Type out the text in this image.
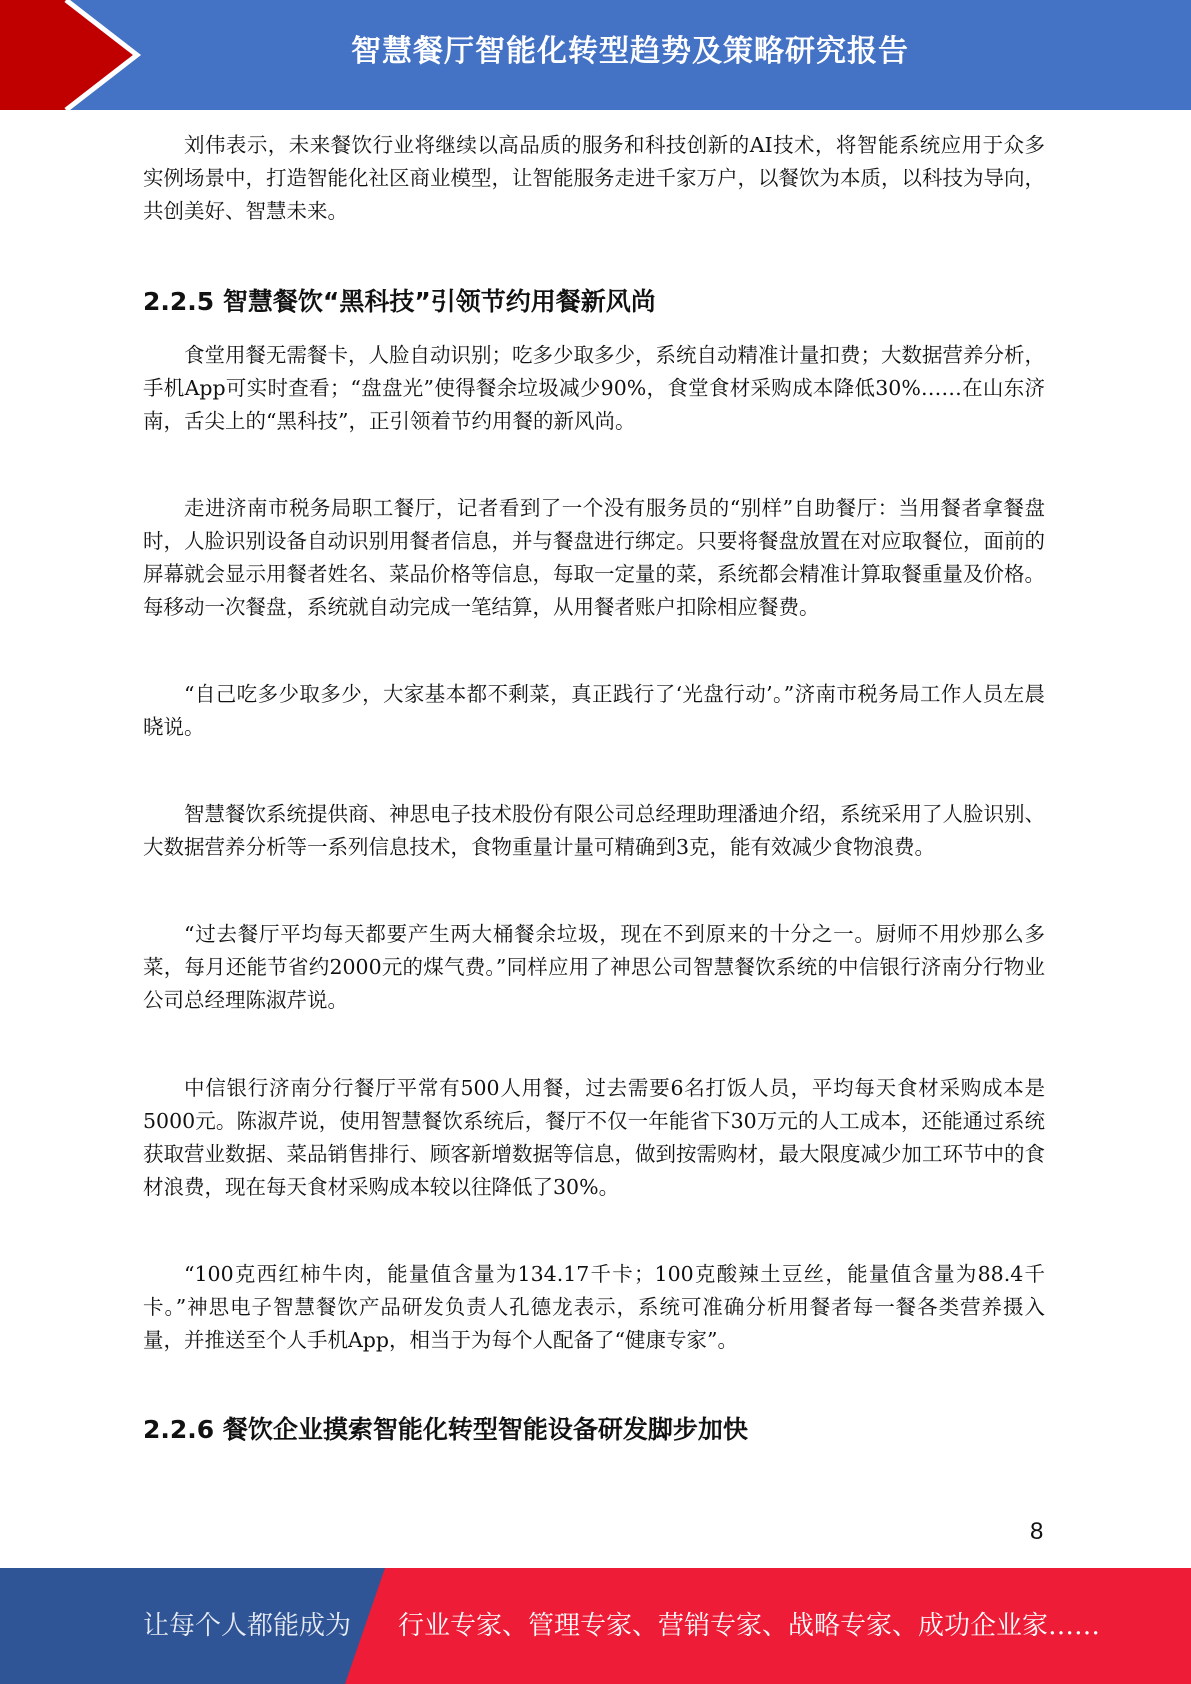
智慧餐厅智能化转型趋势及策略研究报告

刘伟表示，未来餐饮行业将继续以高品质的服务和科技创新的AI技术，将智能系统应用于众多实例场景中，打造智能化社区商业模型，让智能服务走进千家万户，以餐饮为本质，以科技为导向，共创美好、智慧未来。

2.2.5 智慧餐饮“黑科技”引领节约用餐新风尚

食堂用餐无需餐卡，人脸自动识别；吃多少取多少，系统自动精准计量扣费；大数据营养分析，手机App可实时查看；“盘盘光”使得餐余垃圾减少90%，食堂食材采购成本降低30%……在山东济南，舌尖上的“黑科技”，正引领着节约用餐的新风尚。

走进济南市税务局职工餐厅，记者看到了一个没有服务员的“别样”自助餐厅：当用餐者拿餐盘时，人脸识别设备自动识别用餐者信息，并与餐盘进行绑定。只要将餐盘放置在对应取餐位，面前的屏幕就会显示用餐者姓名、菜品价格等信息，每取一定量的菜，系统都会精准计算取餐重量及价格。每移动一次餐盘，系统就自动完成一笔结算，从用餐者账户扣除相应餐费。

“自己吃多少取多少，大家基本都不剩菜，真正践行了‘光盘行动’。”济南市税务局工作人员左晨晓说。

智慧餐饮系统提供商、神思电子技术股份有限公司总经理助理潘迪介绍，系统采用了人脸识别、大数据营养分析等一系列信息技术，食物重量计量可精确到3克，能有效减少食物浪费。

“过去餐厅平均每天都要产生两大桶餐余垃圾，现在不到原来的十分之一。厨师不用炒那么多菜，每月还能节省约2000元的煤气费。”同样应用了神思公司智慧餐饮系统的中信银行济南分行物业公司总经理陈淑芹说。

中信银行济南分行餐厅平常有500人用餐，过去需要6名打饭人员，平均每天食材采购成本是5000元。陈淑芹说，使用智慧餐饮系统后，餐厅不仅一年能省下30万元的人工成本，还能通过系统获取营业数据、菜品销售排行、顾客新增数据等信息，做到按需购材，最大限度减少加工环节中的食材浪费，现在每天食材采购成本较以往降低了30%。

“100克西红柿牛肉，能量值含量为134.17千卡；100克酸辣土豆丝，能量值含量为88.4千卡。”神思电子智慧餐饮产品研发负责人孔德龙表示，系统可准确分析用餐者每一餐各类营养摄入量，并推送至个人手机App，相当于为每个人配备了“健康专家”。

2.2.6 餐饮企业摸索智能化转型智能设备研发脚步加快
8
让每个人都能成为 行业专家、管理专家、营销专家、战略专家、成功企业家……
